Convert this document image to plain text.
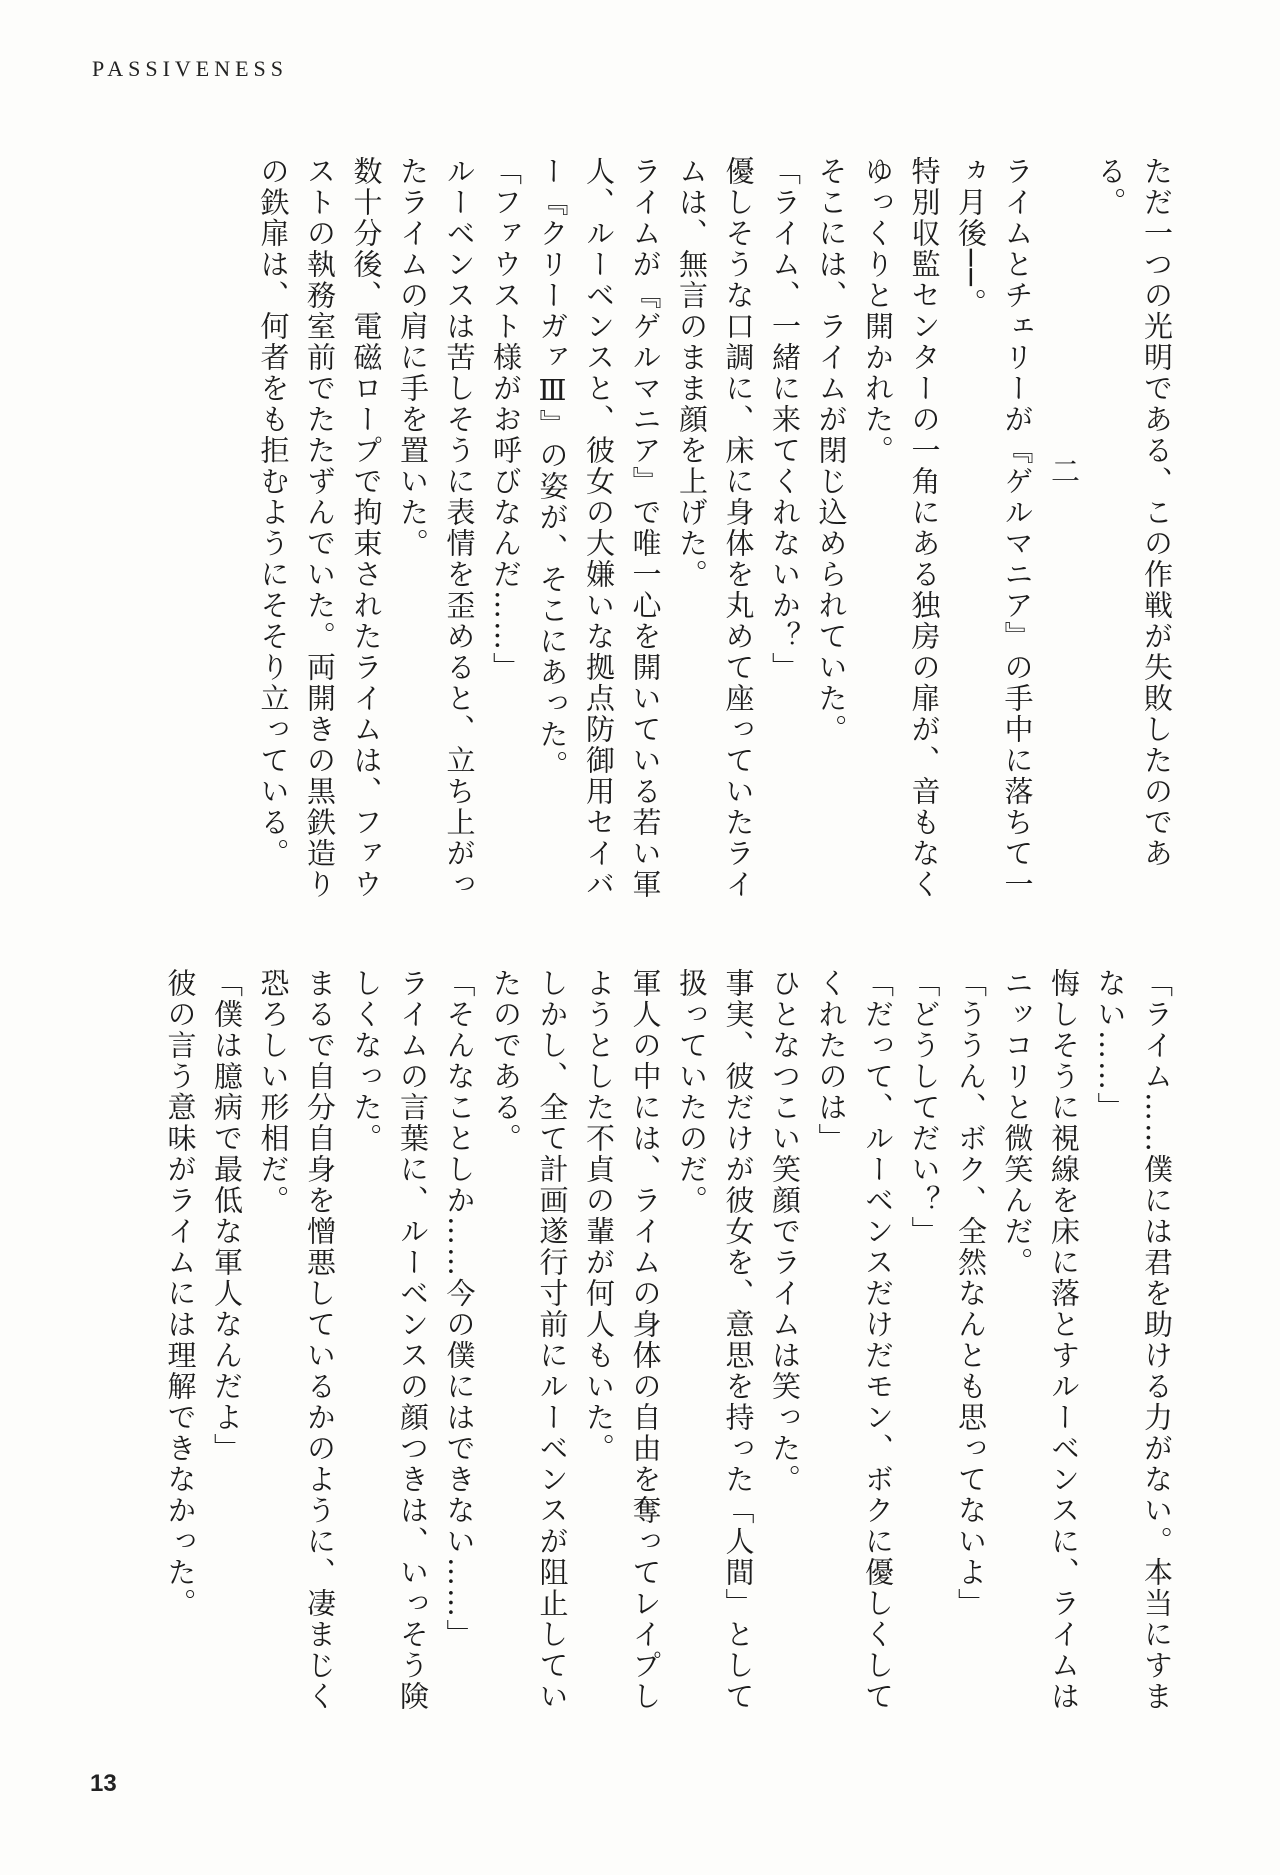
PASSIVENESS

ただ一つの光明である、この作戦が失敗したのである。

二

ライムとチェリーが『ゲルマニア』の手中に落ちて一ヵ月後──。

特別収監センターの一角にある独房の扉が、音もなくゆっくりと開かれた。

そこには、ライムが閉じ込められていた。

「ライム、一緒に来てくれないか？」

優しそうな口調に、床に身体を丸めて座っていたライムは、無言のまま顔を上げた。

ライムが『ゲルマニア』で唯一心を開いている若い軍人、ルーベンスと、彼女の大嫌いな拠点防御用セイバー『クリーガァⅢ』の姿が、そこにあった。

「ファウスト様がお呼びなんだ……」

ルーベンスは苦しそうに表情を歪めると、立ち上がったライムの肩に手を置いた。

数十分後、電磁ロープで拘束されたライムは、ファウストの執務室前でたたずんでいた。両開きの黒鉄造りの鉄扉は、何者をも拒むようにそそり立っている。

「ライム……僕には君を助ける力がない。本当にすまない……」

悔しそうに視線を床に落とすルーベンスに、ライムはニッコリと微笑んだ。

「ううん、ボク、全然なんとも思ってないよ」

「どうしてだい？」

「だって、ルーベンスだけだモン、ボクに優しくしてくれたのは」

ひとなつこい笑顔でライムは笑った。

事実、彼だけが彼女を、意思を持った「人間」として扱っていたのだ。

軍人の中には、ライムの身体の自由を奪ってレイプしようとした不貞の輩が何人もいた。

しかし、全て計画遂行寸前にルーベンスが阻止していたのである。

「そんなことしか……今の僕にはできない……」

ライムの言葉に、ルーベンスの顔つきは、いっそう険しくなった。

まるで自分自身を憎悪しているかのように、凄まじく恐ろしい形相だ。

「僕は臆病で最低な軍人なんだよ」

彼の言う意味がライムには理解できなかった。

13
